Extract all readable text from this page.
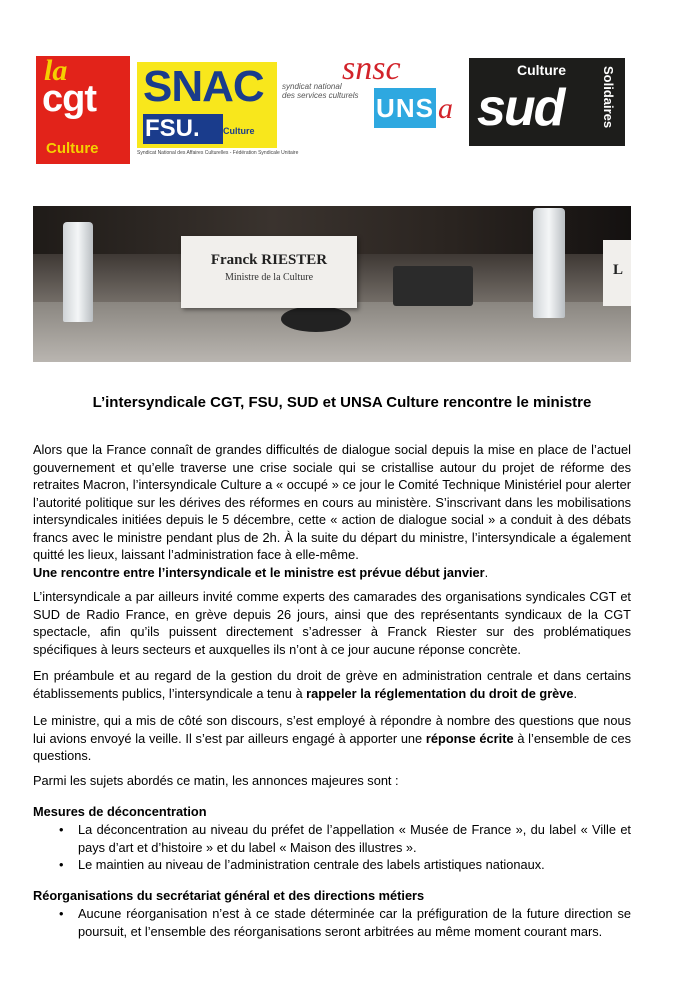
la
cgt
Culture
SNAC
FSU.	Culture
Syndicat National des Affaires Culturelles - Fédération Syndicale Unitaire
snsc
syndicat national
des services culturels UNS a
Culture
sud	Solidaires
Franck RIESTER
Ministre de la Culture	L
L’intersyndicale CGT, FSU, SUD et UNSA Culture rencontre le ministre

Alors que la France connaît de grandes difficultés de dialogue social depuis la mise en place de l’actuel gouvernement et qu’elle traverse une crise sociale qui se cristallise autour du projet de réforme des retraites Macron, l’intersyndicale Culture a « occupé » ce jour le Comité Technique Ministériel pour alerter l’autorité politique sur les dérives des réformes en cours au ministère. S’inscrivant dans les mobilisations intersyndicales initiées depuis le 5 décembre, cette « action de dialogue social » a conduit à des débats francs avec le ministre pendant plus de 2h. À la suite du départ du ministre, l’intersyndicale a également quitté les lieux, laissant l’administration face à elle-même.
Une rencontre entre l’intersyndicale et le ministre est prévue début janvier.

L’intersyndicale a par ailleurs invité comme experts des camarades des organisations syndicales CGT et SUD de Radio France, en grève depuis 26 jours, ainsi que des représentants syndicaux de la CGT spectacle, afin qu’ils puissent directement s’adresser à Franck Riester sur des problématiques spécifiques à leurs secteurs et auxquelles ils n’ont à ce jour aucune réponse concrète.

En préambule et au regard de la gestion du droit de grève en administration centrale et dans certains établissements publics, l’intersyndicale a tenu à rappeler la réglementation du droit de grève.

Le ministre, qui a mis de côté son discours, s’est employé à répondre à nombre des questions que nous lui avions envoyé la veille. Il s’est par ailleurs engagé à apporter une réponse écrite à l’ensemble de ces questions.

Parmi les sujets abordés ce matin, les annonces majeures sont :

Mesures de déconcentration

• La déconcentration au niveau du préfet de l’appellation « Musée de France », du label « Ville et pays d’art et d’histoire » et du label « Maison des illustres ».
• Le maintien au niveau de l’administration centrale des labels artistiques nationaux.

Réorganisations du secrétariat général et des directions métiers

• Aucune réorganisation n’est à ce stade déterminée car la préfiguration de la future direction se poursuit, et l’ensemble des réorganisations seront arbitrées au même moment courant mars.
